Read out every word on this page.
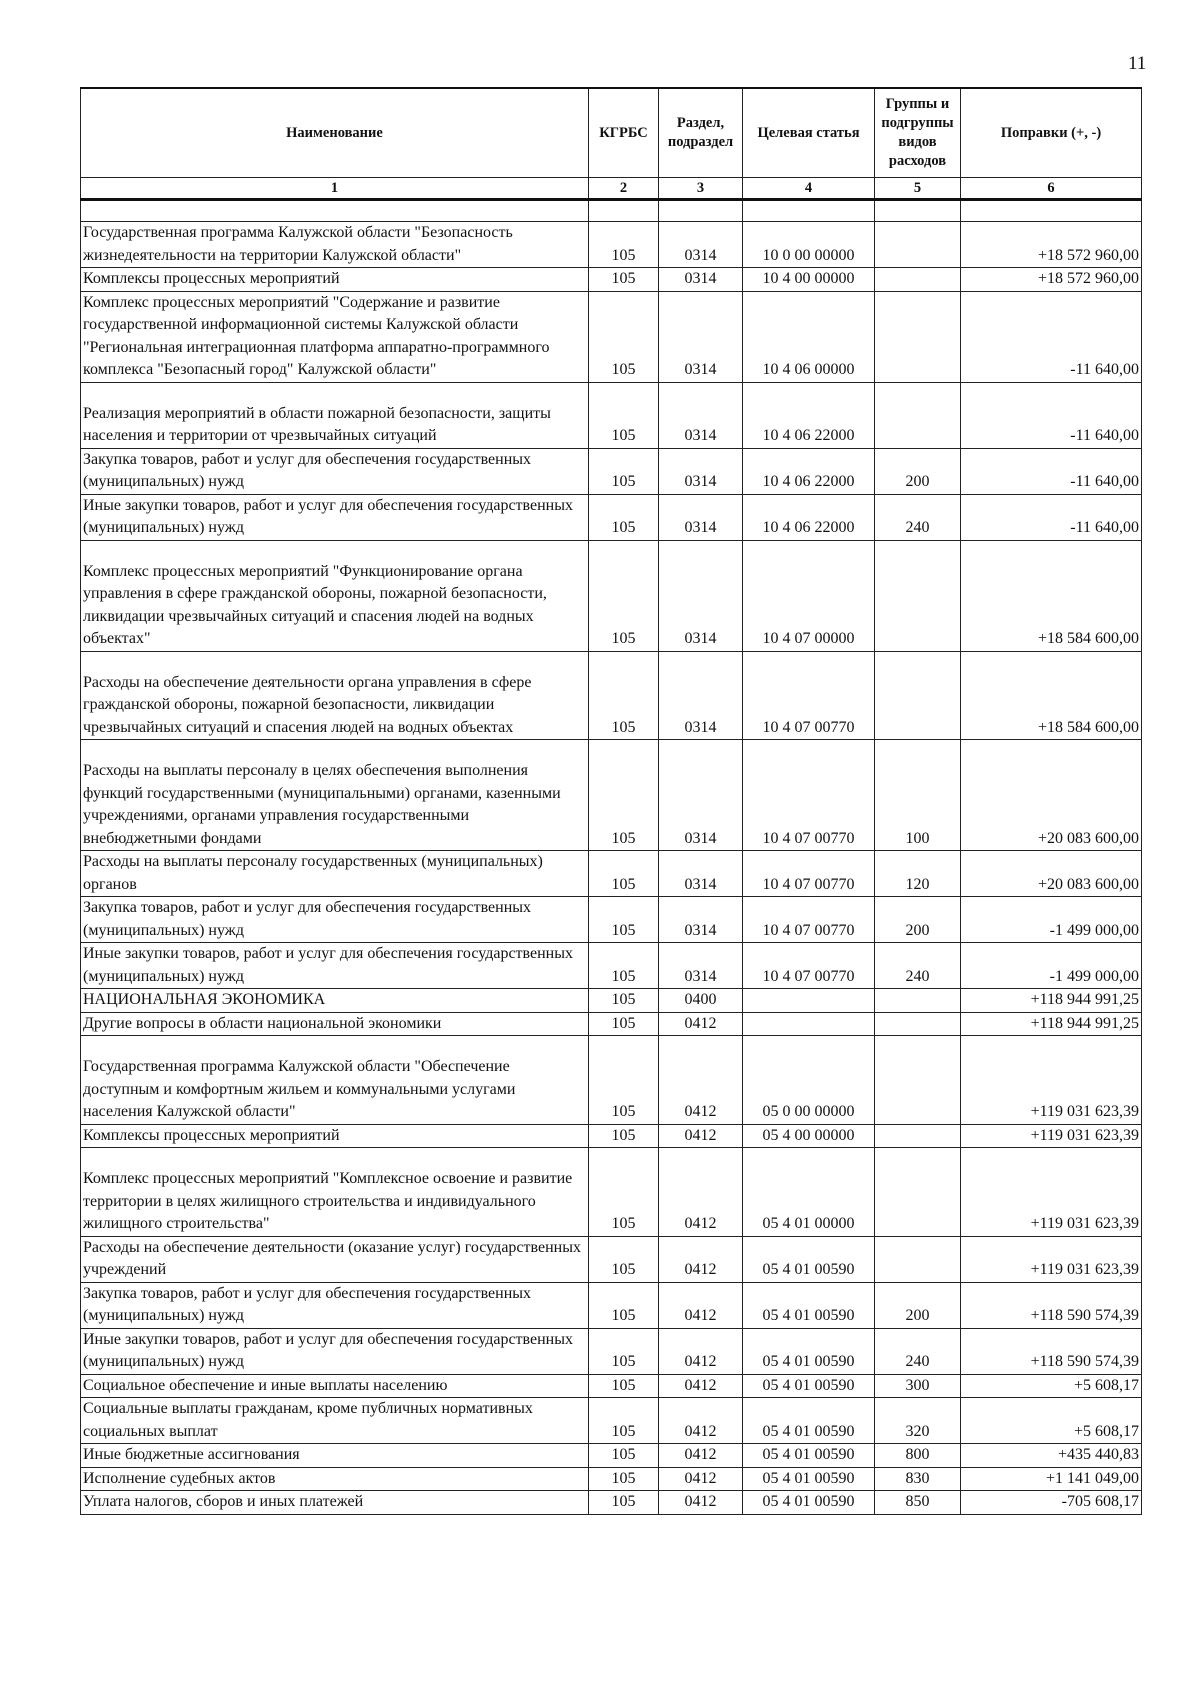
11
Наименование	КГРБС	Раздел, подраздел	Целевая статья	Группы и подгруппы видов расходов	Поправки (+, -)
1	2	3	4	5	6

Государственная программа Калужской области "Безопасность жизнедеятельности на территории Калужской области"	105	0314	10 0 00 00000		+18 572 960,00
Комплексы процессных мероприятий	105	0314	10 4 00 00000		+18 572 960,00
Комплекс процессных мероприятий "Содержание и развитие государственной информационной системы Калужской области "Региональная интеграционная платформа аппаратно-программного комплекса "Безопасный город" Калужской области"	105	0314	10 4 06 00000		-11 640,00
Реализация мероприятий в области пожарной безопасности, защиты населения и территории от чрезвычайных ситуаций	105	0314	10 4 06 22000		-11 640,00
Закупка товаров, работ и услуг для обеспечения государственных (муниципальных) нужд	105	0314	10 4 06 22000	200	-11 640,00
Иные закупки товаров, работ и услуг для обеспечения государственных (муниципальных) нужд	105	0314	10 4 06 22000	240	-11 640,00
Комплекс процессных мероприятий "Функционирование органа управления в сфере гражданской обороны, пожарной безопасности, ликвидации чрезвычайных ситуаций и спасения людей на водных объектах"	105	0314	10 4 07 00000		+18 584 600,00
Расходы на обеспечение деятельности органа управления в сфере гражданской обороны, пожарной безопасности, ликвидации чрезвычайных ситуаций и спасения людей на водных объектах	105	0314	10 4 07 00770		+18 584 600,00
Расходы на выплаты персоналу в целях обеспечения выполнения функций государственными (муниципальными) органами, казенными учреждениями, органами управления государственными внебюджетными фондами	105	0314	10 4 07 00770	100	+20 083 600,00
Расходы на выплаты персоналу государственных (муниципальных) органов	105	0314	10 4 07 00770	120	+20 083 600,00
Закупка товаров, работ и услуг для обеспечения государственных (муниципальных) нужд	105	0314	10 4 07 00770	200	-1 499 000,00
Иные закупки товаров, работ и услуг для обеспечения государственных (муниципальных) нужд	105	0314	10 4 07 00770	240	-1 499 000,00
НАЦИОНАЛЬНАЯ ЭКОНОМИКА	105	0400			+118 944 991,25
Другие вопросы в области национальной экономики	105	0412			+118 944 991,25
Государственная программа Калужской области "Обеспечение доступным и комфортным жильем и коммунальными услугами населения Калужской области"	105	0412	05 0 00 00000		+119 031 623,39
Комплексы процессных мероприятий	105	0412	05 4 00 00000		+119 031 623,39
Комплекс процессных мероприятий "Комплексное освоение и развитие территории в целях жилищного строительства и индивидуального жилищного строительства"	105	0412	05 4 01 00000		+119 031 623,39
Расходы на обеспечение деятельности (оказание услуг) государственных учреждений	105	0412	05 4 01 00590		+119 031 623,39
Закупка товаров, работ и услуг для обеспечения государственных (муниципальных) нужд	105	0412	05 4 01 00590	200	+118 590 574,39
Иные закупки товаров, работ и услуг для обеспечения государственных (муниципальных) нужд	105	0412	05 4 01 00590	240	+118 590 574,39
Социальное обеспечение и иные выплаты населению	105	0412	05 4 01 00590	300	+5 608,17
Социальные выплаты гражданам, кроме публичных нормативных социальных выплат	105	0412	05 4 01 00590	320	+5 608,17
Иные бюджетные ассигнования	105	0412	05 4 01 00590	800	+435 440,83
Исполнение судебных актов	105	0412	05 4 01 00590	830	+1 141 049,00
Уплата налогов, сборов и иных платежей	105	0412	05 4 01 00590	850	-705 608,17
